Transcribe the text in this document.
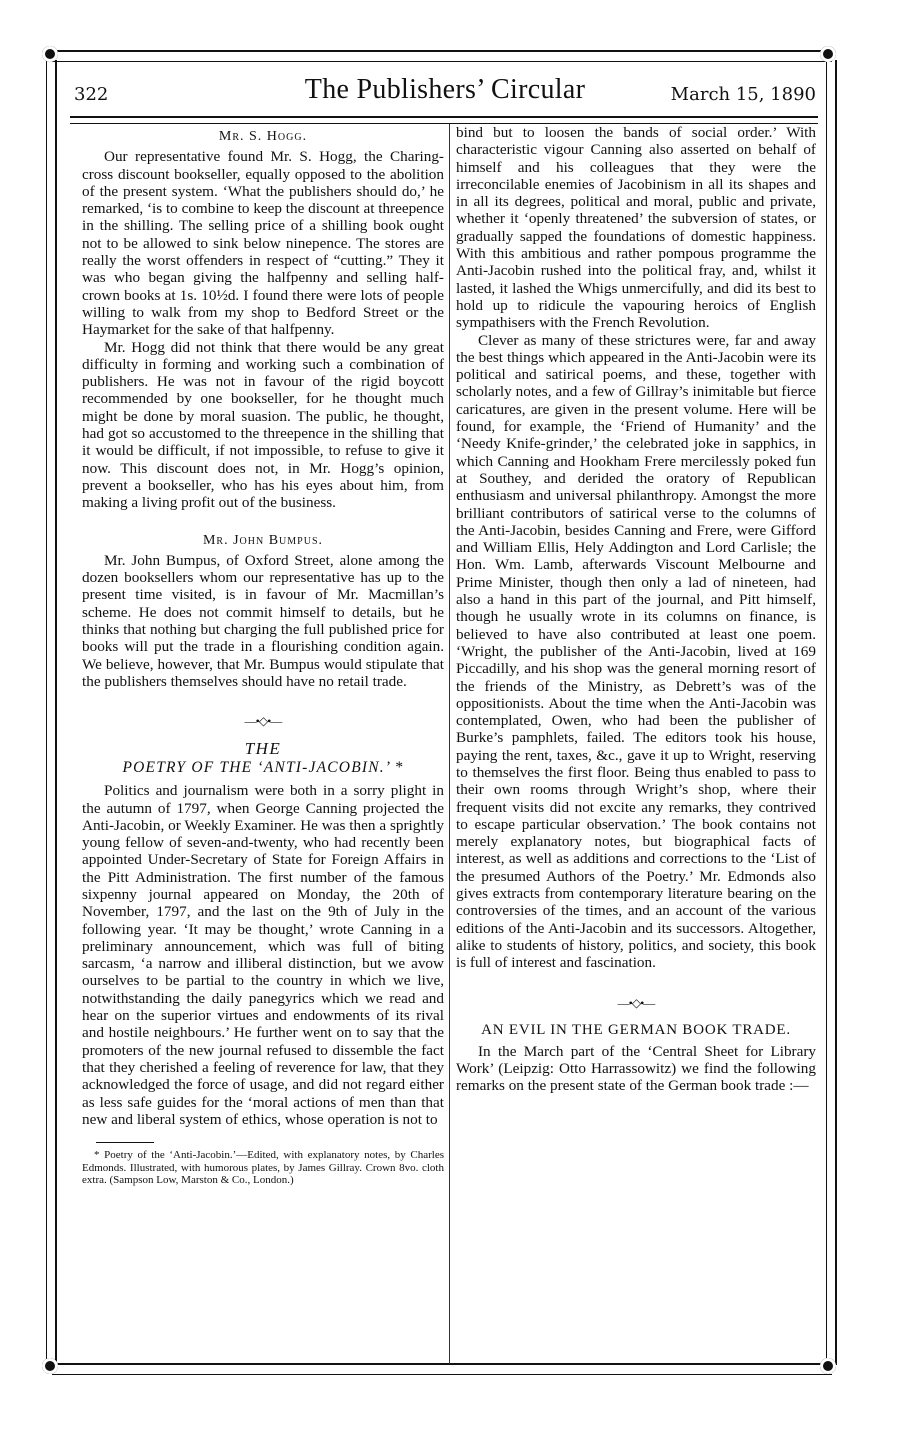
322	The Publishers’ Circular	March 15, 1890
Mr. S. Hogg.

Our representative found Mr. S. Hogg, the Charing-cross discount bookseller, equally opposed to the abolition of the present system. ‘What the publishers should do,’ he remarked, ‘is to combine to keep the discount at threepence in the shilling. The selling price of a shilling book ought not to be allowed to sink below ninepence. The stores are really the worst offenders in respect of “cutting.” They it was who began giving the halfpenny and selling half-crown books at 1s. 10½d. I found there were lots of people willing to walk from my shop to Bedford Street or the Haymarket for the sake of that halfpenny.

Mr. Hogg did not think that there would be any great difficulty in forming and working such a combination of publishers. He was not in favour of the rigid boycott recommended by one bookseller, for he thought much might be done by moral suasion. The public, he thought, had got so accustomed to the threepence in the shilling that it would be difficult, if not impossible, to refuse to give it now. This discount does not, in Mr. Hogg’s opinion, prevent a bookseller, who has his eyes about him, from making a living profit out of the business.

Mr. John Bumpus.

Mr. John Bumpus, of Oxford Street, alone among the dozen booksellers whom our representative has up to the present time visited, is in favour of Mr. Macmillan’s scheme. He does not commit himself to details, but he thinks that nothing but charging the full published price for books will put the trade in a flourishing condition again. We believe, however, that Mr. Bumpus would stipulate that the publishers themselves should have no retail trade.

—•◇•—
THE
POETRY OF THE ‘ANTI-JACOBIN.’ *

Politics and journalism were both in a sorry plight in the autumn of 1797, when George Canning projected the Anti-Jacobin, or Weekly Examiner. He was then a sprightly young fellow of seven-and-twenty, who had recently been appointed Under-Secretary of State for Foreign Affairs in the Pitt Administration. The first number of the famous sixpenny journal appeared on Monday, the 20th of November, 1797, and the last on the 9th of July in the following year. ‘It may be thought,’ wrote Canning in a preliminary announcement, which was full of biting sarcasm, ‘a narrow and illiberal distinction, but we avow ourselves to be partial to the country in which we live, notwithstanding the daily panegyrics which we read and hear on the superior virtues and endowments of its rival and hostile neighbours.’ He further went on to say that the promoters of the new journal refused to dissemble the fact that they cherished a feeling of reverence for law, that they acknowledged the force of usage, and did not regard either as less safe guides for the ‘moral actions of men than that new and liberal system of ethics, whose operation is not to

* Poetry of the ‘Anti-Jacobin.’—Edited, with explanatory notes, by Charles Edmonds. Illustrated, with humorous plates, by James Gillray. Crown 8vo. cloth extra. (Sampson Low, Marston & Co., London.)

bind but to loosen the bands of social order.’ With characteristic vigour Canning also asserted on behalf of himself and his colleagues that they were the irreconcilable enemies of Jacobinism in all its shapes and in all its degrees, political and moral, public and private, whether it ‘openly threatened’ the subversion of states, or gradually sapped the foundations of domestic happiness. With this ambitious and rather pompous programme the Anti-Jacobin rushed into the political fray, and, whilst it lasted, it lashed the Whigs unmercifully, and did its best to hold up to ridicule the vapouring heroics of English sympathisers with the French Revolution.

Clever as many of these strictures were, far and away the best things which appeared in the Anti-Jacobin were its political and satirical poems, and these, together with scholarly notes, and a few of Gillray’s inimitable but fierce caricatures, are given in the present volume. Here will be found, for example, the ‘Friend of Humanity’ and the ‘Needy Knife-grinder,’ the celebrated joke in sapphics, in which Canning and Hookham Frere mercilessly poked fun at Southey, and derided the oratory of Republican enthusiasm and universal philanthropy. Amongst the more brilliant contributors of satirical verse to the columns of the Anti-Jacobin, besides Canning and Frere, were Gifford and William Ellis, Hely Addington and Lord Carlisle; the Hon. Wm. Lamb, afterwards Viscount Melbourne and Prime Minister, though then only a lad of nineteen, had also a hand in this part of the journal, and Pitt himself, though he usually wrote in its columns on finance, is believed to have also contributed at least one poem. ‘Wright, the publisher of the Anti-Jacobin, lived at 169 Piccadilly, and his shop was the general morning resort of the friends of the Ministry, as Debrett’s was of the oppositionists. About the time when the Anti-Jacobin was contemplated, Owen, who had been the publisher of Burke’s pamphlets, failed. The editors took his house, paying the rent, taxes, &c., gave it up to Wright, reserving to themselves the first floor. Being thus enabled to pass to their own rooms through Wright’s shop, where their frequent visits did not excite any remarks, they contrived to escape particular observation.’ The book contains not merely explanatory notes, but biographical facts of interest, as well as additions and corrections to the ‘List of the presumed Authors of the Poetry.’ Mr. Edmonds also gives extracts from contemporary literature bearing on the controversies of the times, and an account of the various editions of the Anti-Jacobin and its successors. Altogether, alike to students of history, politics, and society, this book is full of interest and fascination.

—•◇•—
AN EVIL IN THE GERMAN BOOK TRADE.

In the March part of the ‘Central Sheet for Library Work’ (Leipzig: Otto Harrassowitz) we find the following remarks on the present state of the German book trade :—
